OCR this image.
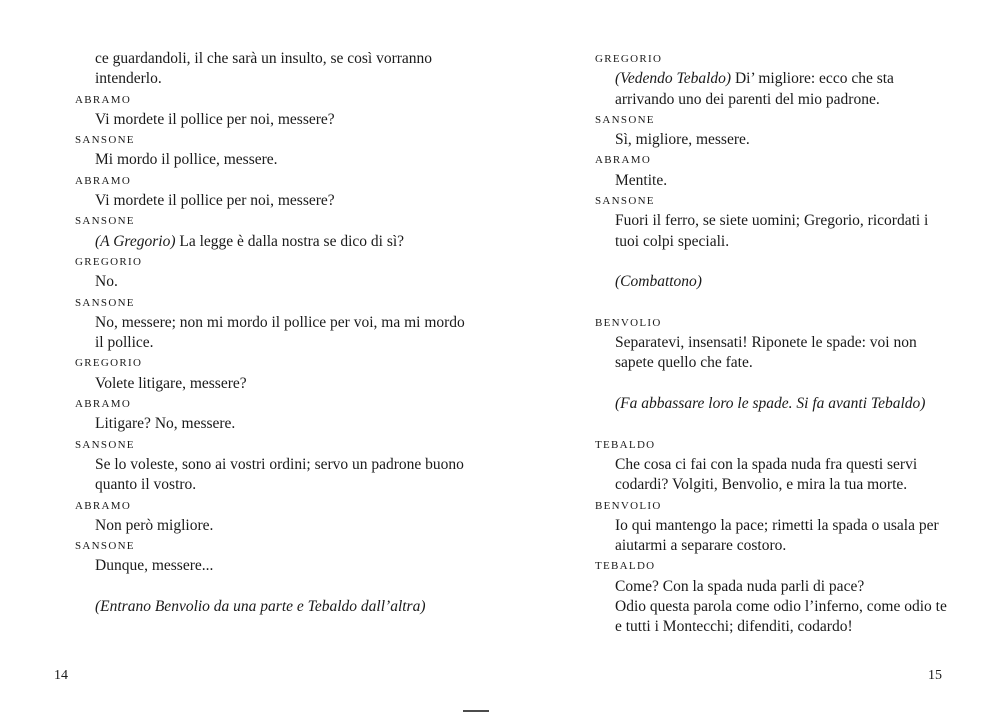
ce guardandoli, il che sarà un insulto, se così vorranno intenderlo.
ABRAMO
Vi mordete il pollice per noi, messere?
SANSONE
Mi mordo il pollice, messere.
ABRAMO
Vi mordete il pollice per noi, messere?
SANSONE
(A Gregorio) La legge è dalla nostra se dico di sì?
GREGORIO
No.
SANSONE
No, messere; non mi mordo il pollice per voi, ma mi mordo il pollice.
GREGORIO
Volete litigare, messere?
ABRAMO
Litigare? No, messere.
SANSONE
Se lo voleste, sono ai vostri ordini; servo un padrone buono quanto il vostro.
ABRAMO
Non però migliore.
SANSONE
Dunque, messere...
(Entrano Benvolio da una parte e Tebaldo dall’altra)
GREGORIO
(Vedendo Tebaldo) Di’ migliore: ecco che sta arrivando uno dei parenti del mio padrone.
SANSONE
Sì, migliore, messere.
ABRAMO
Mentite.
SANSONE
Fuori il ferro, se siete uomini; Gregorio, ricordati i tuoi colpi speciali.
(Combattono)
BENVOLIO
Separatevi, insensati! Riponete le spade: voi non sapete quello che fate.
(Fa abbassare loro le spade. Si fa avanti Tebaldo)
TEBALDO
Che cosa ci fai con la spada nuda fra questi servi codardi? Volgiti, Benvolio, e mira la tua morte.
BENVOLIO
Io qui mantengo la pace; rimetti la spada o usala per aiutarmi a separare costoro.
TEBALDO
Come? Con la spada nuda parli di pace?
Odio questa parola come odio l’inferno, come odio te e tutti i Montecchi; difenditi, codardo!
14	15
